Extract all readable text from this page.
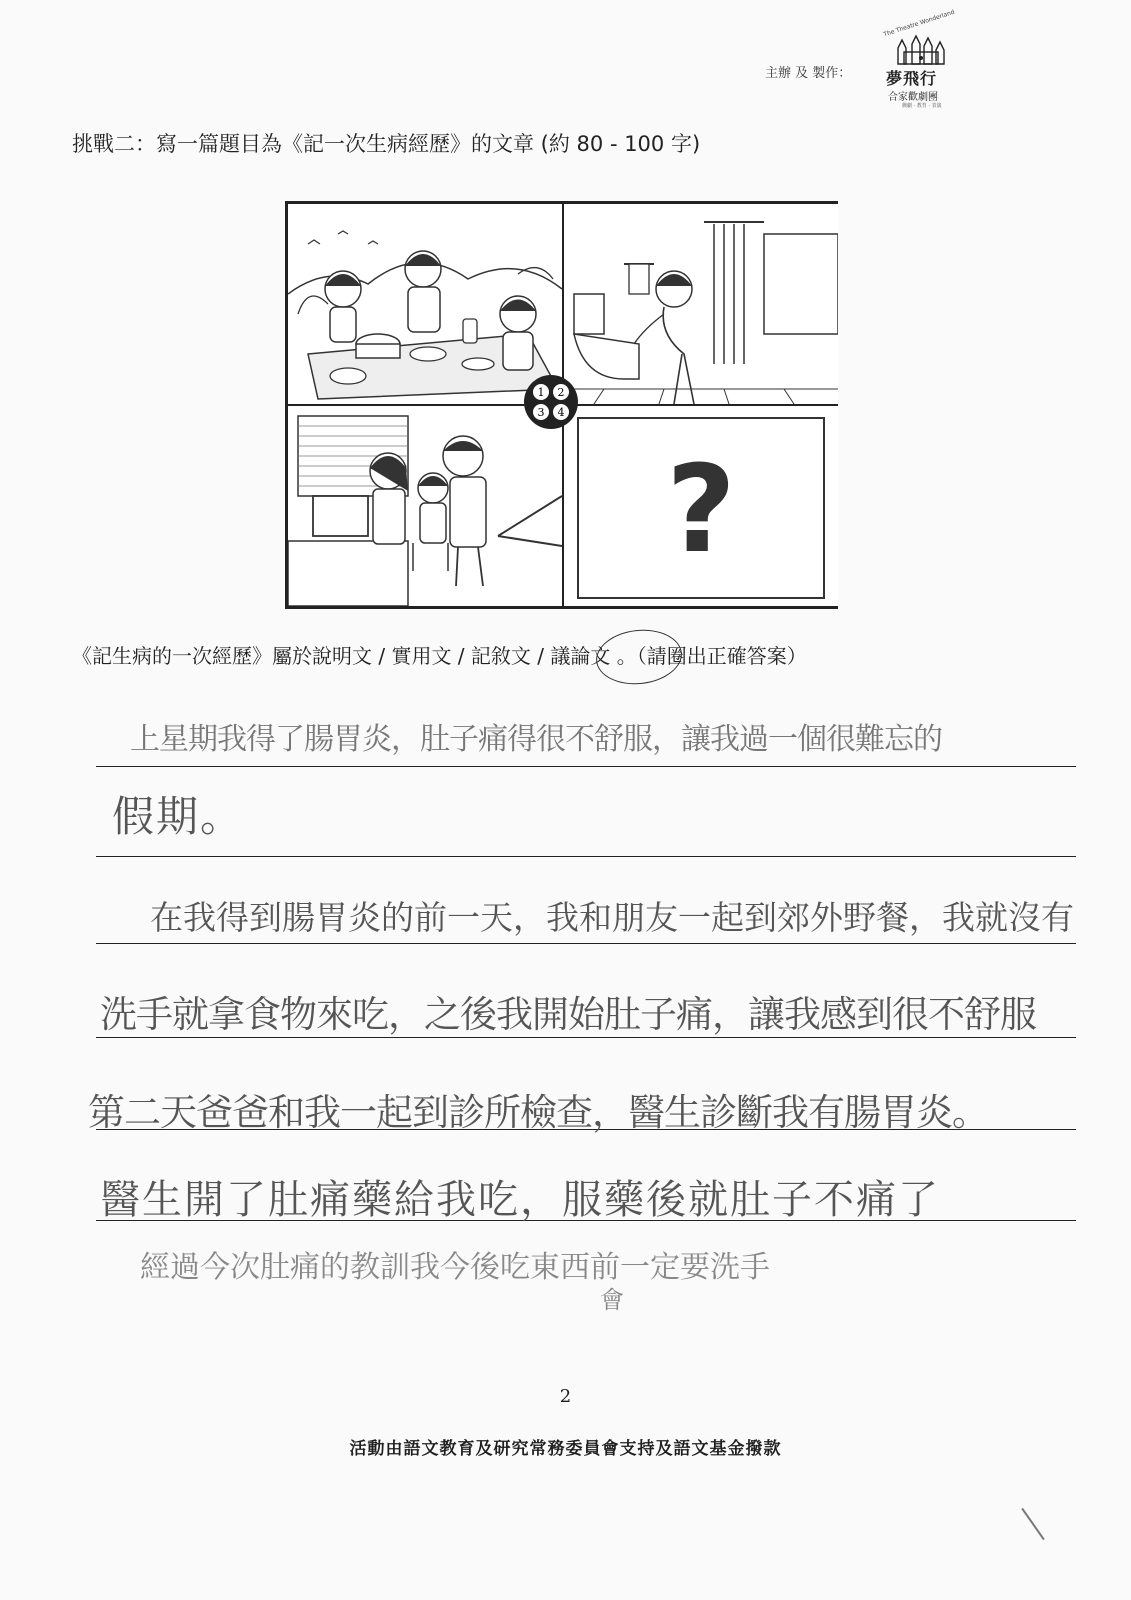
主辦 及 製作：
The Theatre Wonderland
夢飛行
合家歡劇團
戲劇 · 教育 · 表演
挑戰二：寫一篇題目為《記一次生病經歷》的文章 (約 80 - 100 字)
?
1 2
3 4
《記生病的一次經歷》屬於說明文 / 實用文 / 記敘文 / 議論文 。（請圈出正確答案）
上星期我得了腸胃炎，肚子痛得很不舒服，讓我過一個很難忘的
假期。
在我得到腸胃炎的前一天，我和朋友一起到郊外野餐，我就沒有
洗手就拿食物來吃，之後我開始肚子痛，讓我感到很不舒服
第二天爸爸和我一起到診所檢查，醫生診斷我有腸胃炎。
醫生開了肚痛藥給我吃，服藥後就肚子不痛了
經過今次肚痛的教訓我今後吃東西前一定要洗手
會
2
活動由語文教育及研究常務委員會支持及語文基金撥款
